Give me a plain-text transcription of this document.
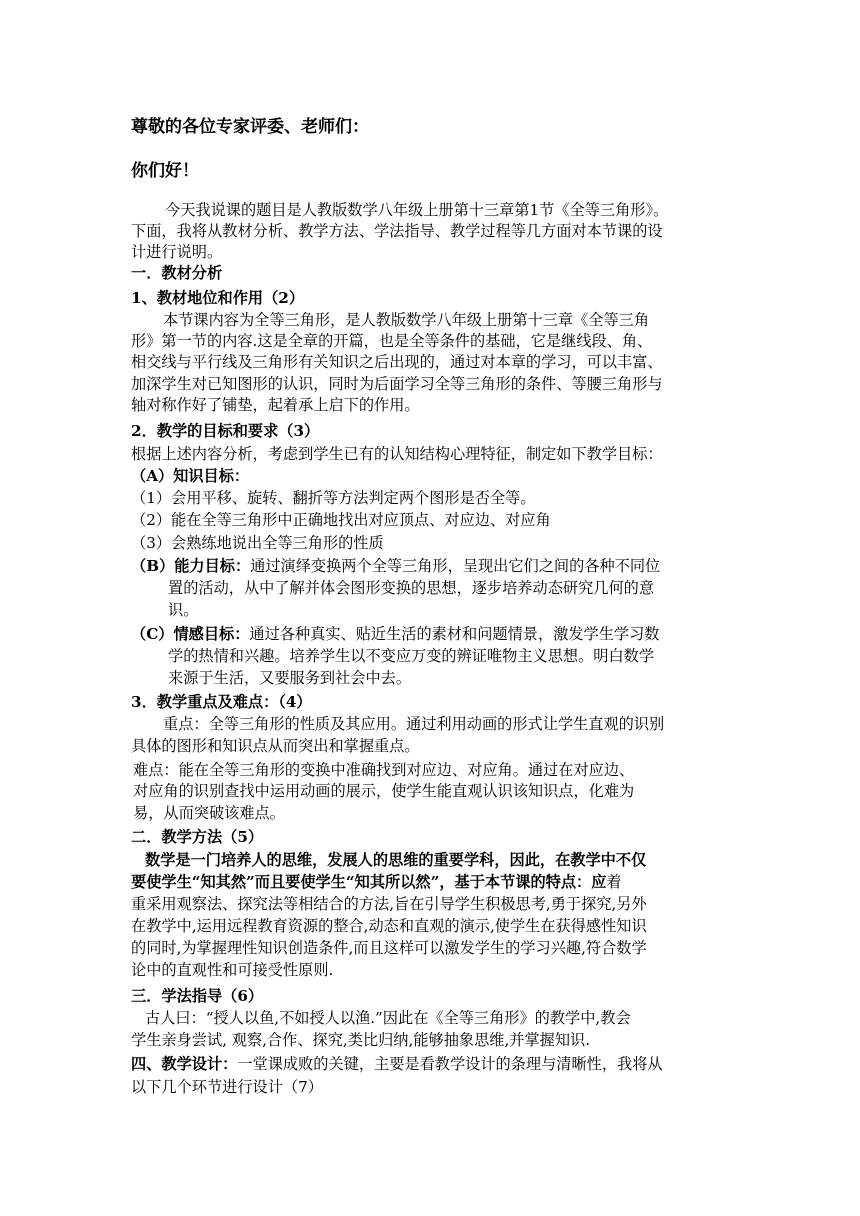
尊敬的各位专家评委、老师们：
你们好！
今天我说课的题目是人教版数学八年级上册第十三章第1节《全等三角形》。
下面，我将从教材分析、教学方法、学法指导、教学过程等几方面对本节课的设
计进行说明。
一．教材分析
1、教材地位和作用（2）
本节课内容为全等三角形，是人教版数学八年级上册第十三章《全等三角
形》第一节的内容.这是全章的开篇，也是全等条件的基础，它是继线段、角、
相交线与平行线及三角形有关知识之后出现的，通过对本章的学习，可以丰富、
加深学生对已知图形的认识，同时为后面学习全等三角形的条件、等腰三角形与
轴对称作好了铺垫，起着承上启下的作用。
2．教学的目标和要求（3）
根据上述内容分析，考虑到学生已有的认知结构心理特征，制定如下教学目标：
（A）知识目标：
（1）会用平移、旋转、翻折等方法判定两个图形是否全等。
（2）能在全等三角形中正确地找出对应顶点、对应边、对应角
（3）会熟练地说出全等三角形的性质
（B）能力目标：通过演绎变换两个全等三角形，呈现出它们之间的各种不同位
置的活动，从中了解并体会图形变换的思想，逐步培养动态研究几何的意
识。
（C）情感目标：通过各种真实、贴近生活的素材和问题情景，激发学生学习数
学的热情和兴趣。培养学生以不变应万变的辨证唯物主义思想。明白数学
来源于生活，又要服务到社会中去。
3．教学重点及难点：（4）
重点：全等三角形的性质及其应用。通过利用动画的形式让学生直观的识别
具体的图形和知识点从而突出和掌握重点。
难点：能在全等三角形的变换中准确找到对应边、对应角。通过在对应边、
对应角的识别查找中运用动画的展示，使学生能直观认识该知识点，化难为
易，从而突破该难点。
二．教学方法（5）
数学是一门培养人的思维，发展人的思维的重要学科，因此，在教学中不仅
要使学生“知其然”而且要使学生“知其所以然”，基于本节课的特点：应着
重采用观察法、探究法等相结合的方法,旨在引导学生积极思考,勇于探究,另外
在教学中,运用远程教育资源的整合,动态和直观的演示,使学生在获得感性知识
的同时,为掌握理性知识创造条件,而且这样可以激发学生的学习兴趣,符合数学
论中的直观性和可接受性原则.
三．学法指导（6）
古人曰：“授人以鱼,不如授人以渔.”因此在《全等三角形》的教学中,教会
学生亲身尝试, 观察,合作、探究,类比归纳,能够抽象思维,并掌握知识.
四、教学设计：一堂课成败的关键，主要是看教学设计的条理与清晰性，我将从
以下几个环节进行设计（7）
